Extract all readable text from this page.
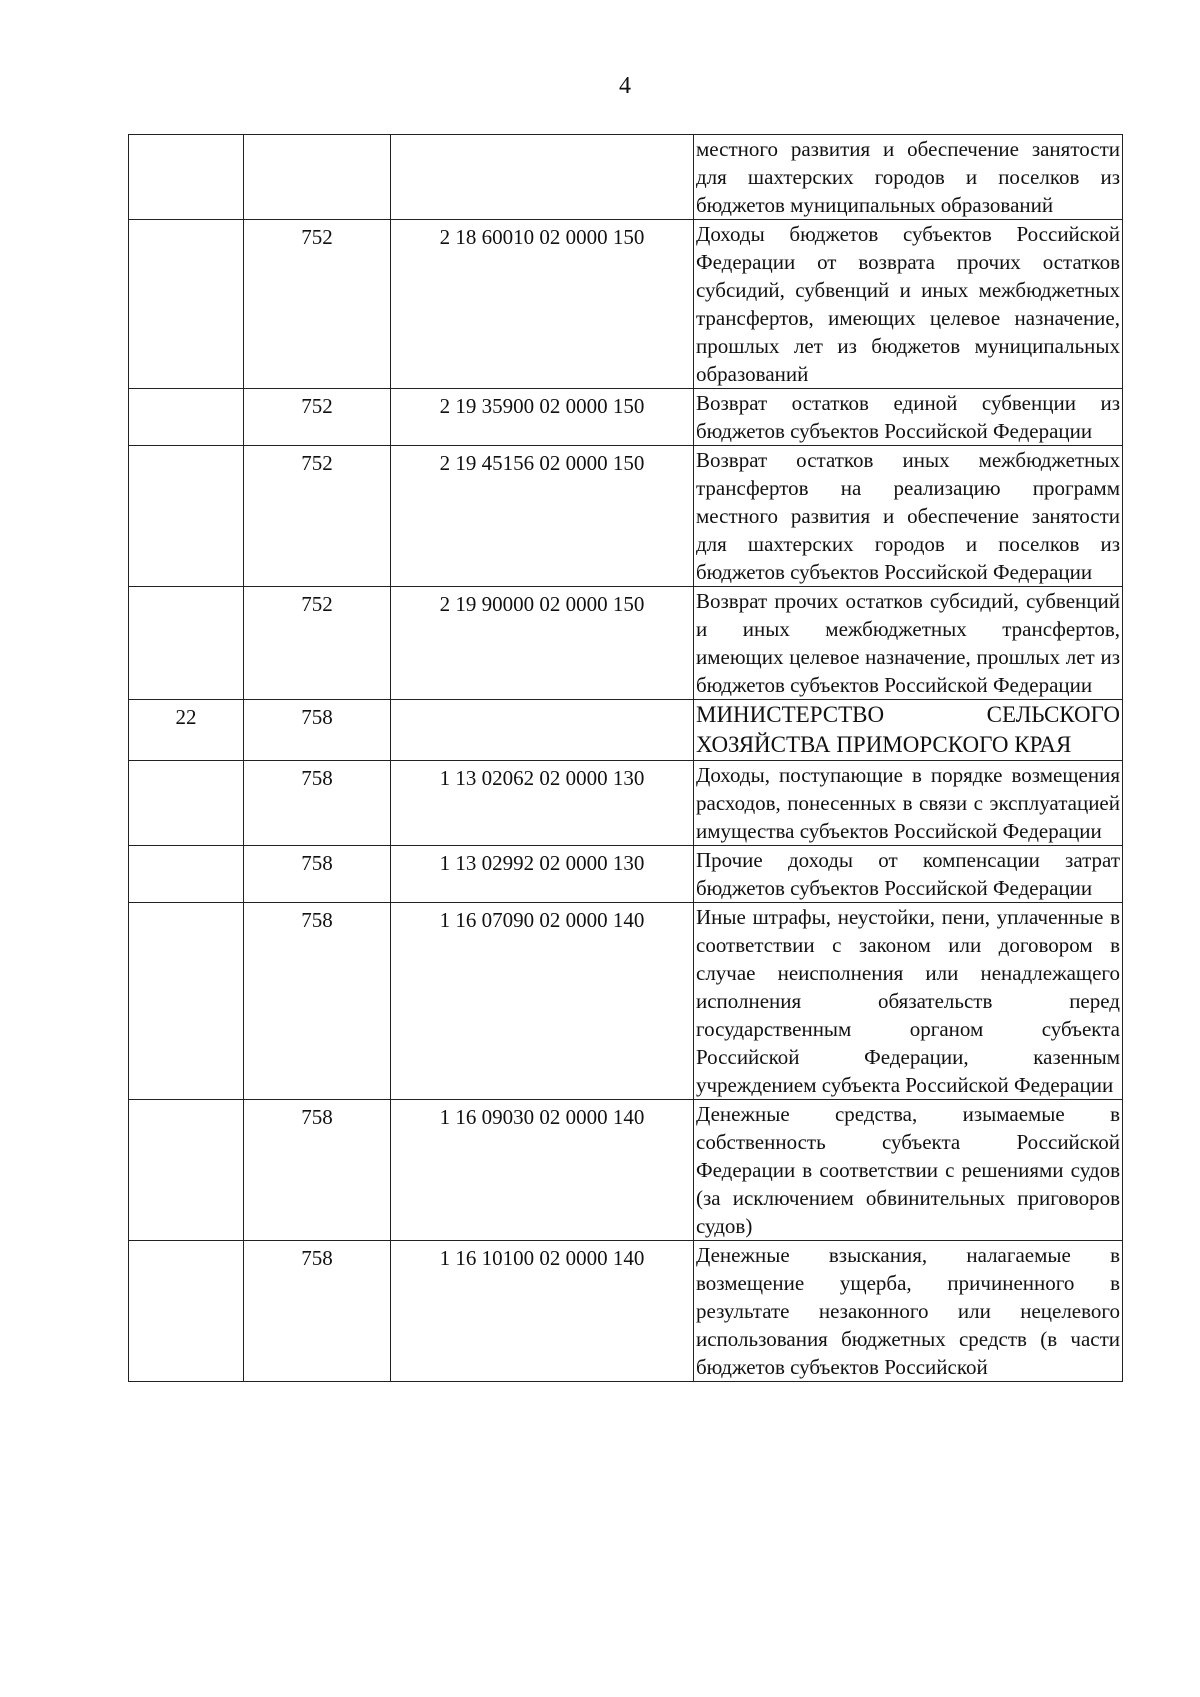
4

			местного развития и обеспечение занятости для шахтерских городов и поселков из бюджетов муниципальных образований

	752	2 18 60010 02 0000 150	Доходы бюджетов субъектов Российской Федерации от возврата прочих остатков субсидий, субвенций и иных межбюджетных трансфертов, имеющих целевое назначение, прошлых лет из бюджетов муниципальных образований

	752	2 19 35900 02 0000 150	Возврат остатков единой субвенции из бюджетов субъектов Российской Федерации

	752	2 19 45156 02 0000 150	Возврат остатков иных межбюджетных трансфертов на реализацию программ местного развития и обеспечение занятости для шахтерских городов и поселков из бюджетов субъектов Российской Федерации

	752	2 19 90000 02 0000 150	Возврат прочих остатков субсидий, субвенций и иных межбюджетных трансфертов, имеющих целевое назначение, прошлых лет из бюджетов субъектов Российской Федерации

22	758		МИНИСТЕРСТВО СЕЛЬСКОГО ХОЗЯЙСТВА ПРИМОРСКОГО КРАЯ

	758	1 13 02062 02 0000 130	Доходы, поступающие в порядке возмещения расходов, понесенных в связи с эксплуатацией имущества субъектов Российской Федерации

	758	1 13 02992 02 0000 130	Прочие доходы от компенсации затрат бюджетов субъектов Российской Федерации

	758	1 16 07090 02 0000 140	Иные штрафы, неустойки, пени, уплаченные в соответствии с законом или договором в случае неисполнения или ненадлежащего исполнения обязательств перед государственным органом субъекта Российской Федерации, казенным учреждением субъекта Российской Федерации

	758	1 16 09030 02 0000 140	Денежные средства, изымаемые в собственность субъекта Российской Федерации в соответствии с решениями судов (за исключением обвинительных приговоров судов)

	758	1 16 10100 02 0000 140	Денежные взыскания, налагаемые в возмещение ущерба, причиненного в результате незаконного или нецелевого использования бюджетных средств (в части бюджетов субъектов Российской
